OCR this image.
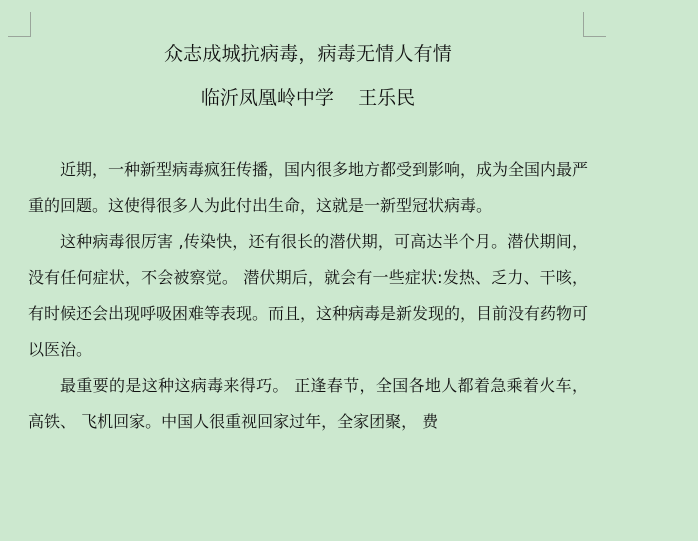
众志成城抗病毒，病毒无情人有情
临沂凤凰岭中学    王乐民

近期，一种新型病毒疯狂传播，国内很多地方都受到影响，成为全国内最严重的回题。这使得很多人为此付出生命，这就是一新型冠状病毒。

这种病毒很厉害 ,传染快，还有很长的潜伏期，可高达半个月。潜伏期间，没有任何症状，不会被察觉。 潜伏期后，就会有一些症状:发热、乏力、干咳，有时候还会出现呼吸困难等表现。而且，这种病毒是新发现的，目前没有药物可以医治。

最重要的是这种这病毒来得巧。 正逢春节，全国各地人都着急乘着火车，高铁、 飞机回家。中国人很重视回家过年，全家团聚， 费
